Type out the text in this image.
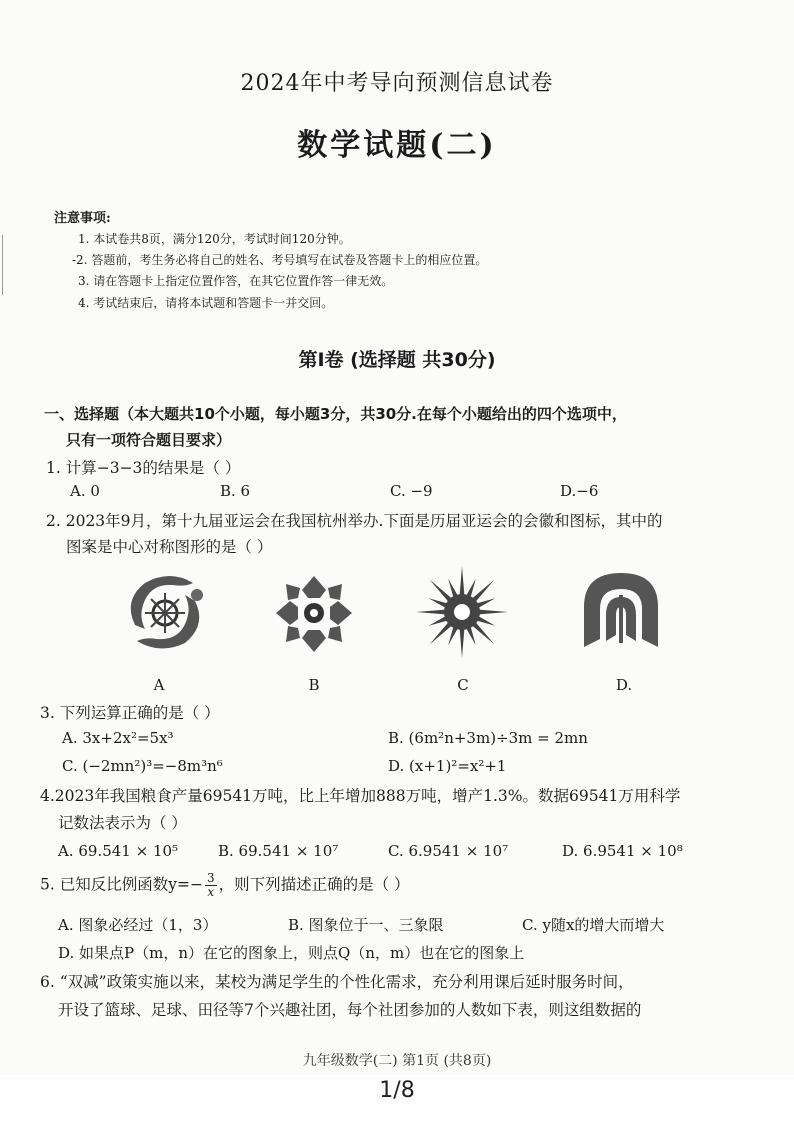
2024年中考导向预测信息试卷
数学试题(二)
注意事项:
1. 本试卷共8页，满分120分，考试时间120分钟。
-2. 答题前，考生务必将自己的姓名、考号填写在试卷及答题卡上的相应位置。
3. 请在答题卡上指定位置作答，在其它位置作答一律无效。
4. 考试结束后，请将本试题和答题卡一并交回。
第Ⅰ卷 (选择题 共30分)
一、选择题（本大题共10个小题，每小题3分，共30分.在每个小题给出的四个选项中，
只有一项符合题目要求）
1. 计算−3−3的结果是（ ）
A. 0	B. 6	C. −9	D.−6
2. 2023年9月，第十九届亚运会在我国杭州举办.下面是历届亚运会的会徽和图标，其中的
图案是中心对称图形的是（ ）
A	B	C	D.
3. 下列运算正确的是（ ）
A. 3x+2x²=5x³	B. (6m²n+3m)÷3m = 2mn
C. (−2mn²)³=−8m³n⁶	D. (x+1)²=x²+1
4.2023年我国粮食产量69541万吨，比上年增加888万吨，增产1.3%。数据69541万用科学
记数法表示为（ ）
A. 69.541 × 10⁵	B. 69.541 × 10⁷	C. 6.9541 × 10⁷	D. 6.9541 × 10⁸
5. 已知反比例函数$y=- \frac{3}{x}$ ，则下列描述正确的是（ ）
A. 图象必经过（1，3）	B. 图象位于一、三象限	C. y随x的增大而增大
D. 如果点P（m，n）在它的图象上，则点Q（n，m）也在它的图象上
6. “双减”政策实施以来，某校为满足学生的个性化需求，充分利用课后延时服务时间，
开设了篮球、足球、田径等7个兴趣社团，每个社团参加的人数如下表，则这组数据的
九年级数学(二) 第1页 (共8页)
1/8
